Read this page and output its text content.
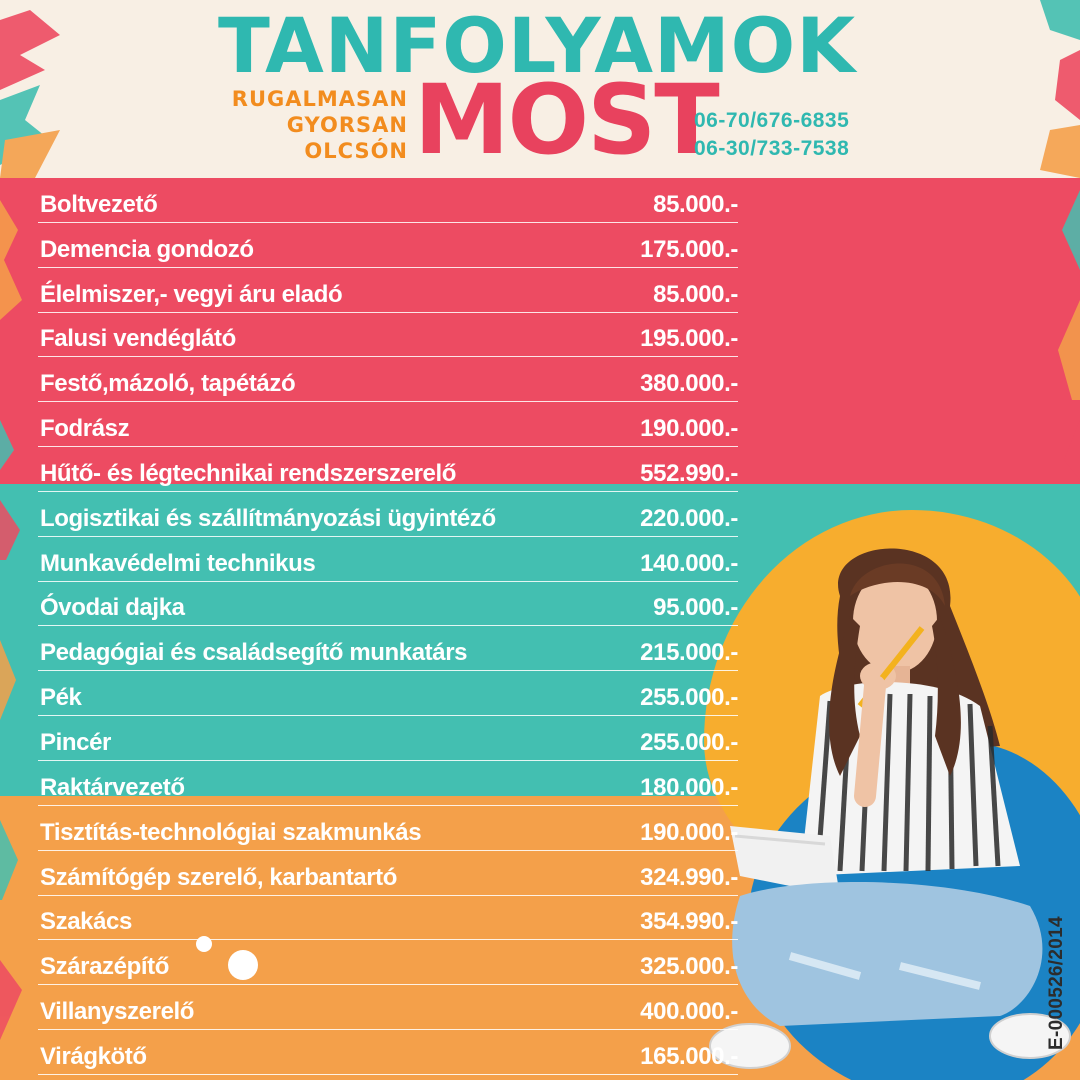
TANFOLYAMOK
RUGALMASAN
GYORSAN
OLCSÓN MOST
06-70/676-6835
06-30/733-7538
Boltvezető	85.000.-
Demencia gondozó	175.000.-
Élelmiszer,- vegyi áru eladó	85.000.-
Falusi vendéglátó	195.000.-
Festő,mázoló, tapétázó	380.000.-
Fodrász	190.000.-
Hűtő- és légtechnikai rendszerszerelő	552.990.-
Logisztikai és szállítmányozási ügyintéző	220.000.-
Munkavédelmi technikus	140.000.-
Óvodai dajka	95.000.-
Pedagógiai és családsegítő munkatárs	215.000.-
Pék	255.000.-
Pincér	255.000.-
Raktárvezető	180.000.-
Tisztítás-technológiai szakmunkás	190.000.-
Számítógép szerelő, karbantartó	324.990.-
Szakács	354.990.-
Szárazépítő	325.000.-
Villanyszerelő	400.000.-
Virágkötő	165.000.-
E-000526/2014
